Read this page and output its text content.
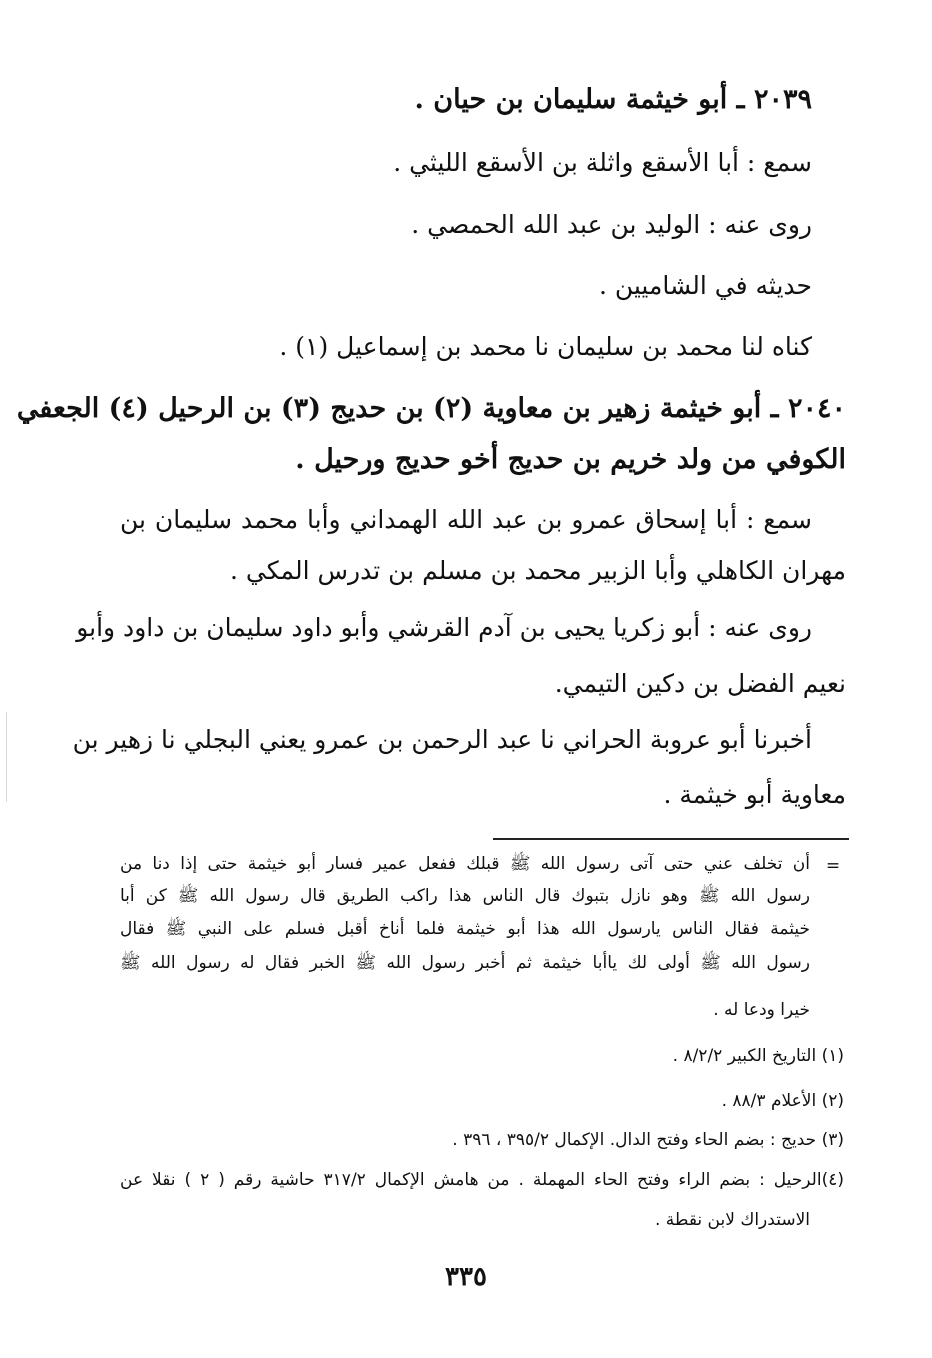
٢٠٣٩ ـ أبو خيثمة سليمان بن حيان .
سمع : أبا الأسقع واثلة بن الأسقع الليثي .
روى عنه : الوليد بن عبد الله الحمصي .
حديثه في الشاميين .
كناه لنا محمد بن سليمان نا محمد بن إسماعيل (١) .
٢٠٤٠ ـ أبو خيثمة زهير بن معاوية (٢) بن حديج (٣) بن الرحيل (٤) الجعفي
الكوفي من ولد خريم بن حديج أخو حديج ورحيل .
سمع : أبا إسحاق عمرو بن عبد الله الهمداني وأبا محمد سليمان بن
مهران الكاهلي وأبا الزبير محمد بن مسلم بن تدرس المكي .
روى عنه : أبو زكريا يحيى بن آدم القرشي وأبو داود سليمان بن داود وأبو
نعيم الفضل بن دكين التيمي.
أخبرنا أبو عروبة الحراني نا عبد الرحمن بن عمرو يعني البجلي نا زهير بن
معاوية أبو خيثمة .
=
أن تخلف عني حتى آتى رسول الله ﷺ قبلك ففعل عمير فسار أبو خيثمة حتى إذا دنا من
رسول الله ﷺ وهو نازل بتبوك قال الناس هذا راكب الطريق قال رسول الله ﷺ كن أبا
خيثمة فقال الناس يارسول الله هذا أبو خيثمة فلما أناخ أقبل فسلم على النبي ﷺ فقال
رسول الله ﷺ أولى لك ياأبا خيثمة ثم أخبر رسول الله ﷺ الخبر فقال له رسول الله ﷺ
خيرا ودعا له .
(١) التاريخ الكبير ٨/٢/٢ .
(٢) الأعلام ٨٨/٣ .
(٣) حديج : بضم الحاء وفتح الدال. الإكمال ٣٩٥/٢ ، ٣٩٦ .
(٤)الرحيل : بضم الراء وفتح الحاء المهملة . من هامش الإكمال ٣١٧/٢ حاشية رقم ( ٢ ) نقلا عن
الاستدراك لابن نقطة .
٣٣٥
